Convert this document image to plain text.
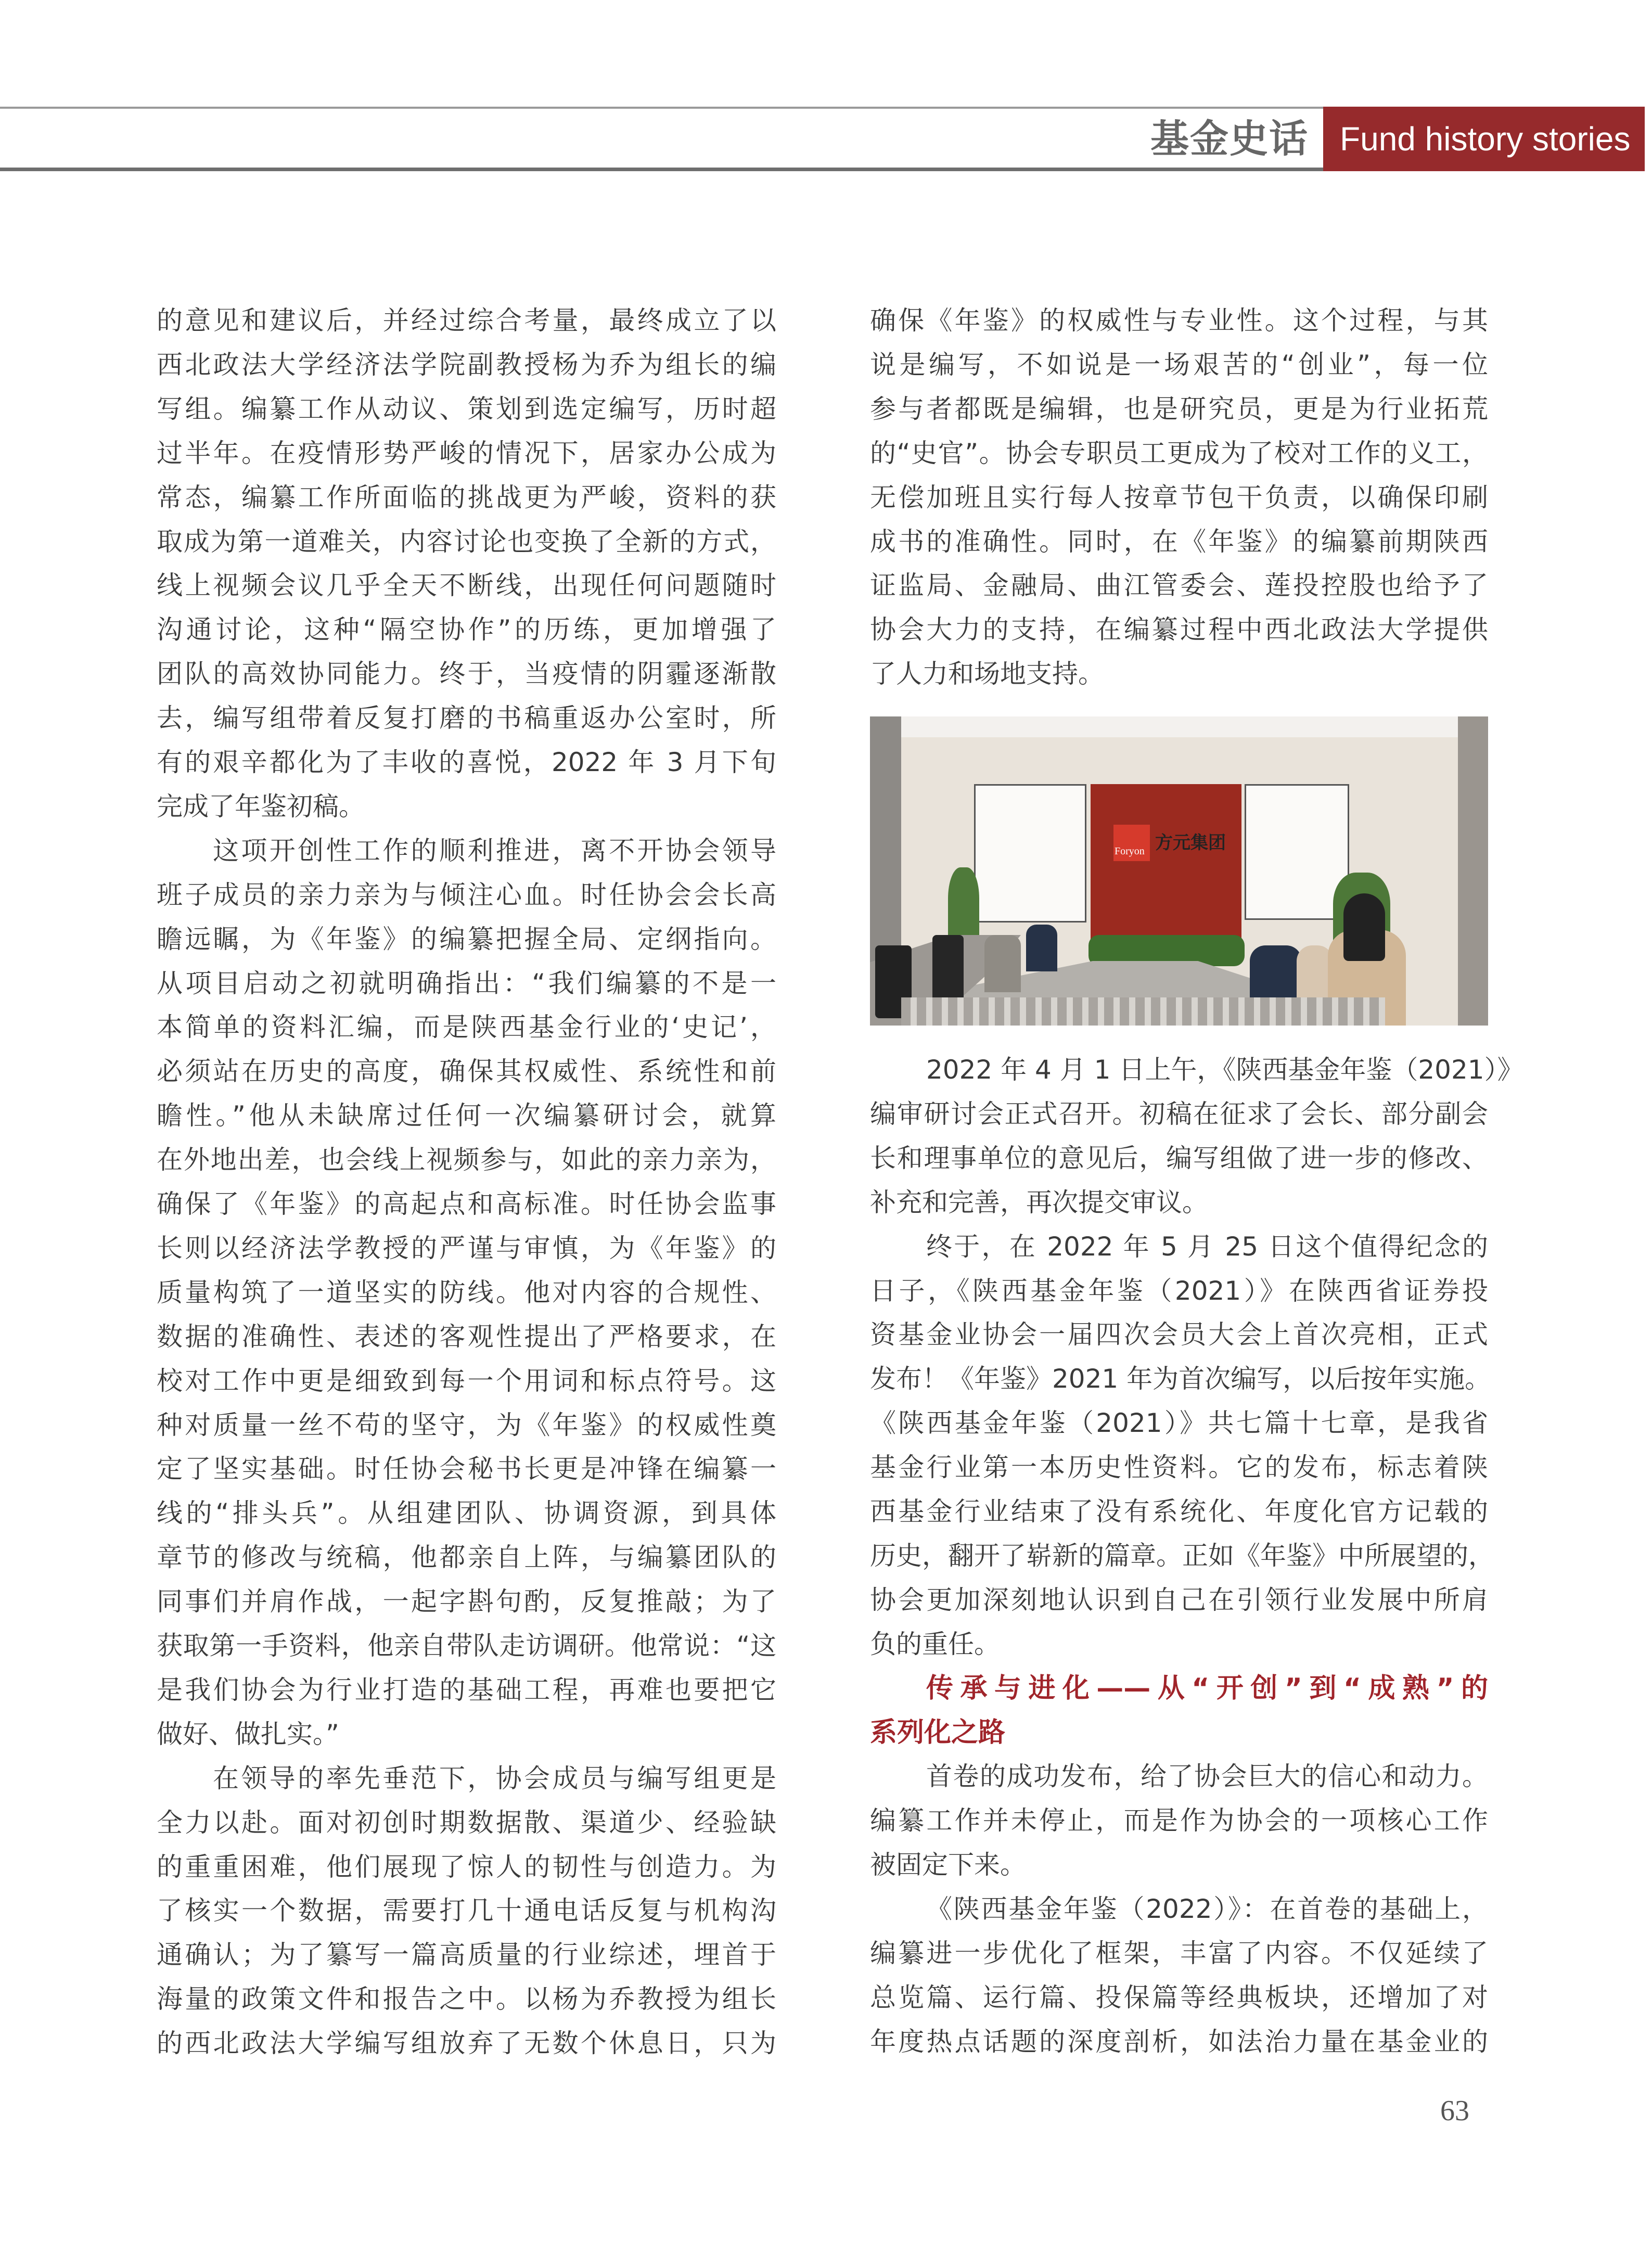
基金史话 Fund history stories
的意见和建议后，并经过综合考量，最终成立了以
西北政法大学经济法学院副教授杨为乔为组长的编
写组。编纂工作从动议、策划到选定编写，历时超
过半年。在疫情形势严峻的情况下，居家办公成为
常态，编纂工作所面临的挑战更为严峻，资料的获
取成为第一道难关，内容讨论也变换了全新的方式，
线上视频会议几乎全天不断线，出现任何问题随时
沟通讨论，这种“隔空协作”的历练，更加增强了
团队的高效协同能力。终于，当疫情的阴霾逐渐散
去，编写组带着反复打磨的书稿重返办公室时，所
有的艰辛都化为了丰收的喜悦，2022 年 3 月下旬
完成了年鉴初稿。
这项开创性工作的顺利推进，离不开协会领导
班子成员的亲力亲为与倾注心血。时任协会会长高
瞻远瞩，为《年鉴》的编纂把握全局、定纲指向。
从项目启动之初就明确指出：“我们编纂的不是一
本简单的资料汇编，而是陕西基金行业的‘史记’，
必须站在历史的高度，确保其权威性、系统性和前
瞻性。”他从未缺席过任何一次编纂研讨会，就算
在外地出差，也会线上视频参与，如此的亲力亲为，
确保了《年鉴》的高起点和高标准。时任协会监事
长则以经济法学教授的严谨与审慎，为《年鉴》的
质量构筑了一道坚实的防线。他对内容的合规性、
数据的准确性、表述的客观性提出了严格要求，在
校对工作中更是细致到每一个用词和标点符号。这
种对质量一丝不苟的坚守，为《年鉴》的权威性奠
定了坚实基础。时任协会秘书长更是冲锋在编纂一
线的“排头兵”。从组建团队、协调资源，到具体
章节的修改与统稿，他都亲自上阵，与编纂团队的
同事们并肩作战，一起字斟句酌，反复推敲；为了
获取第一手资料，他亲自带队走访调研。他常说：“这
是我们协会为行业打造的基础工程，再难也要把它
做好、做扎实。”
在领导的率先垂范下，协会成员与编写组更是
全力以赴。面对初创时期数据散、渠道少、经验缺
的重重困难，他们展现了惊人的韧性与创造力。为
了核实一个数据，需要打几十通电话反复与机构沟
通确认；为了纂写一篇高质量的行业综述，埋首于
海量的政策文件和报告之中。以杨为乔教授为组长
的西北政法大学编写组放弃了无数个休息日，只为
确保《年鉴》的权威性与专业性。这个过程，与其
说是编写，不如说是一场艰苦的“创业”，每一位
参与者都既是编辑，也是研究员，更是为行业拓荒
的“史官”。协会专职员工更成为了校对工作的义工，
无偿加班且实行每人按章节包干负责，以确保印刷
成书的准确性。同时，在《年鉴》的编纂前期陕西
证监局、金融局、曲江管委会、莲投控股也给予了
协会大力的支持，在编纂过程中西北政法大学提供
了人力和场地支持。
2022 年 4 月 1 日上午，《陕西基金年鉴（2021）》
编审研讨会正式召开。初稿在征求了会长、部分副会
长和理事单位的意见后，编写组做了进一步的修改、
补充和完善，再次提交审议。
终于，在 2022 年 5 月 25 日这个值得纪念的
日子，《陕西基金年鉴（2021）》在陕西省证券投
资基金业协会一届四次会员大会上首次亮相，正式
发布！《年鉴》2021 年为首次编写，以后按年实施。
《陕西基金年鉴（2021）》共七篇十七章，是我省
基金行业第一本历史性资料。它的发布，标志着陕
西基金行业结束了没有系统化、年度化官方记载的
历史，翻开了崭新的篇章。正如《年鉴》中所展望的，
协会更加深刻地认识到自己在引领行业发展中所肩
负的重任。
传承与进化——从“开创”到“成熟”的
系列化之路
首卷的成功发布，给了协会巨大的信心和动力。
编纂工作并未停止，而是作为协会的一项核心工作
被固定下来。
《陕西基金年鉴（2022）》：在首卷的基础上，
编纂进一步优化了框架，丰富了内容。不仅延续了
总览篇、运行篇、投保篇等经典板块，还增加了对
年度热点话题的深度剖析，如法治力量在基金业的
Foryon 方元集团
63
